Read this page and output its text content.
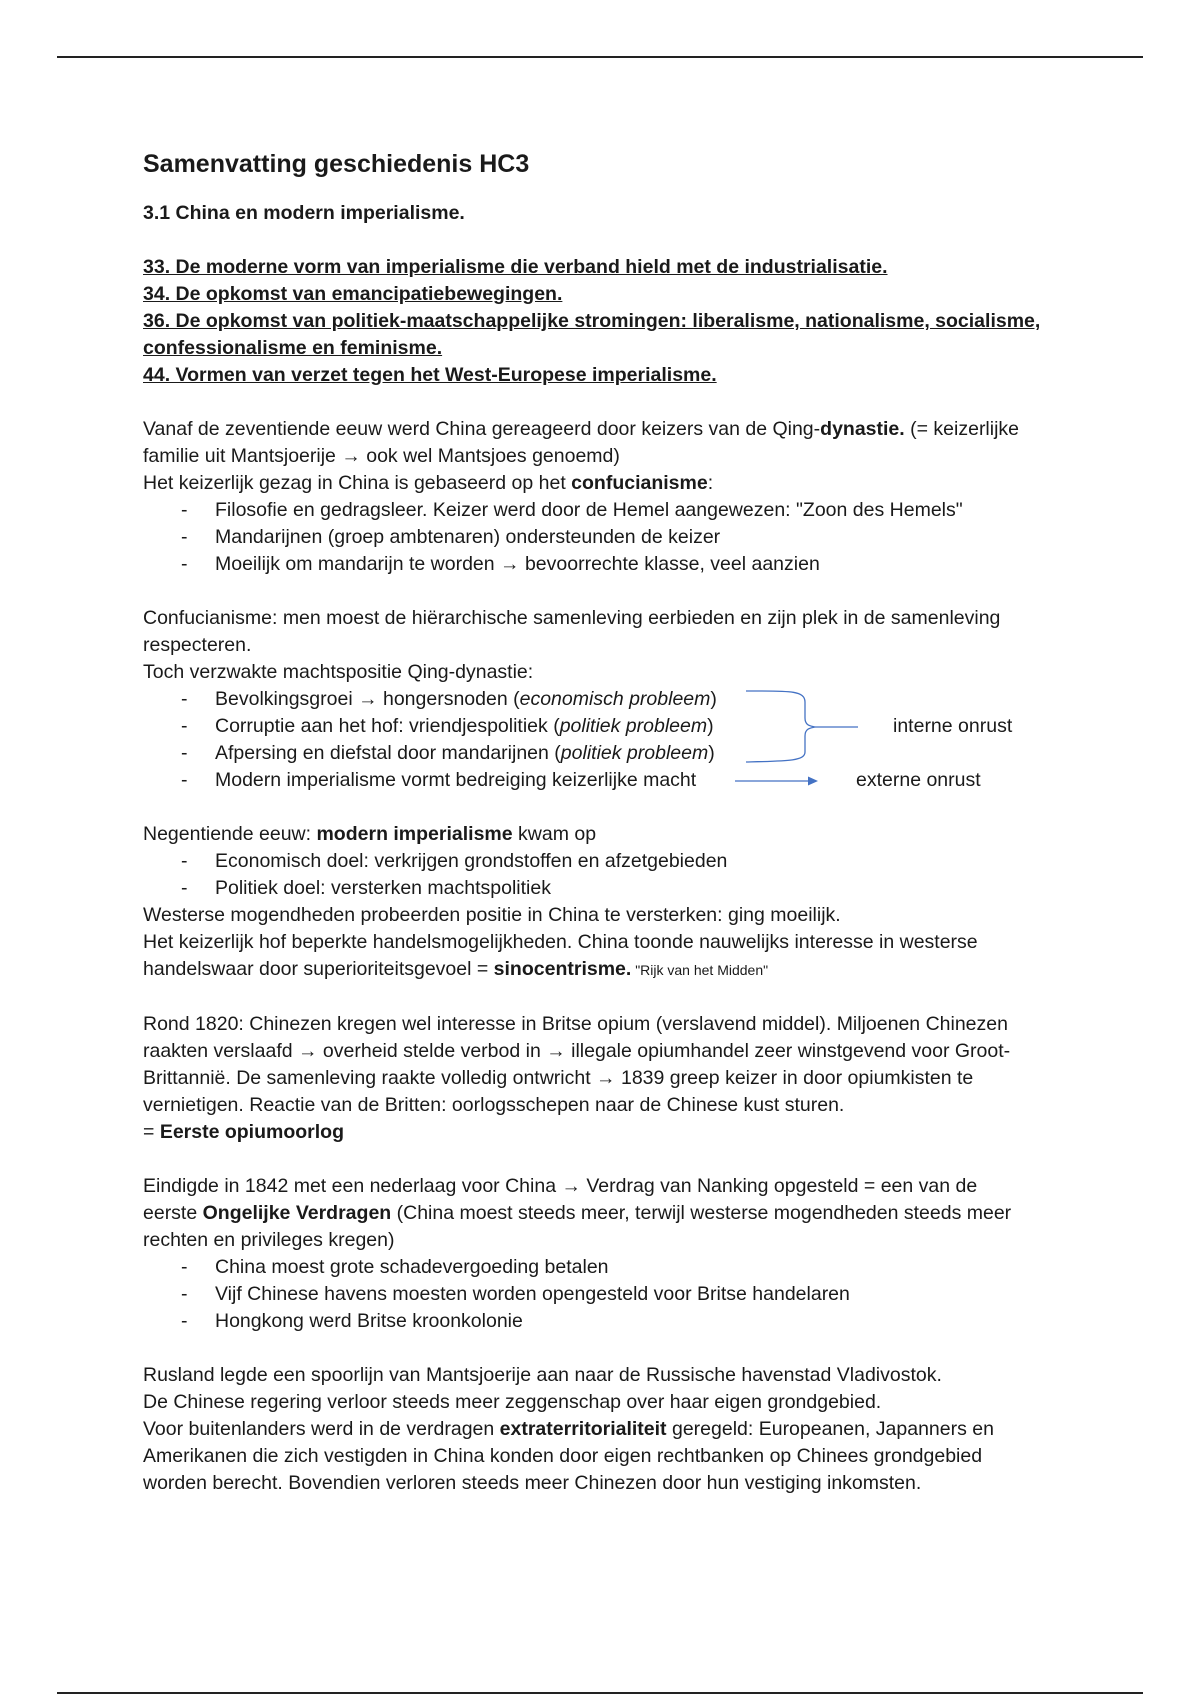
Samenvatting geschiedenis HC3
3.1 China en modern imperialisme.
33. De moderne vorm van imperialisme die verband hield met de industrialisatie.
34. De opkomst van emancipatiebewegingen.
36. De opkomst van politiek-maatschappelijke stromingen: liberalisme, nationalisme, socialisme,
confessionalisme en feminisme.
44. Vormen van verzet tegen het West-Europese imperialisme.
Vanaf de zeventiende eeuw werd China gereageerd door keizers van de Qing-dynastie. (= keizerlijke
familie uit Mantsjoerije → ook wel Mantsjoes genoemd)
Het keizerlijk gezag in China is gebaseerd op het confucianisme:
- Filosofie en gedragsleer. Keizer werd door de Hemel aangewezen: "Zoon des Hemels"
- Mandarijnen (groep ambtenaren) ondersteunden de keizer
- Moeilijk om mandarijn te worden → bevoorrechte klasse, veel aanzien
Confucianisme: men moest de hiërarchische samenleving eerbieden en zijn plek in de samenleving
respecteren.
Toch verzwakte machtspositie Qing-dynastie:
- Bevolkingsgroei → hongersnoden (economisch probleem)
- Corruptie aan het hof: vriendjespolitiek (politiek probleem)
- Afpersing en diefstal door mandarijnen (politiek probleem)
- Modern imperialisme vormt bedreiging keizerlijke macht
interne onrust
externe onrust
Negentiende eeuw: modern imperialisme kwam op
- Economisch doel: verkrijgen grondstoffen en afzetgebieden
- Politiek doel: versterken machtspolitiek
Westerse mogendheden probeerden positie in China te versterken: ging moeilijk.
Het keizerlijk hof beperkte handelsmogelijkheden. China toonde nauwelijks interesse in westerse
handelswaar door superioriteitsgevoel = sinocentrisme. "Rijk van het Midden"
Rond 1820: Chinezen kregen wel interesse in Britse opium (verslavend middel). Miljoenen Chinezen
raakten verslaafd → overheid stelde verbod in → illegale opiumhandel zeer winstgevend voor Groot-
Brittannië. De samenleving raakte volledig ontwricht → 1839 greep keizer in door opiumkisten te
vernietigen. Reactie van de Britten: oorlogsschepen naar de Chinese kust sturen.
= Eerste opiumoorlog
Eindigde in 1842 met een nederlaag voor China → Verdrag van Nanking opgesteld = een van de
eerste Ongelijke Verdragen (China moest steeds meer, terwijl westerse mogendheden steeds meer
rechten en privileges kregen)
- China moest grote schadevergoeding betalen
- Vijf Chinese havens moesten worden opengesteld voor Britse handelaren
- Hongkong werd Britse kroonkolonie
Rusland legde een spoorlijn van Mantsjoerije aan naar de Russische havenstad Vladivostok.
De Chinese regering verloor steeds meer zeggenschap over haar eigen grondgebied.
Voor buitenlanders werd in de verdragen extraterritorialiteit geregeld: Europeanen, Japanners en
Amerikanen die zich vestigden in China konden door eigen rechtbanken op Chinees grondgebied
worden berecht. Bovendien verloren steeds meer Chinezen door hun vestiging inkomsten.
